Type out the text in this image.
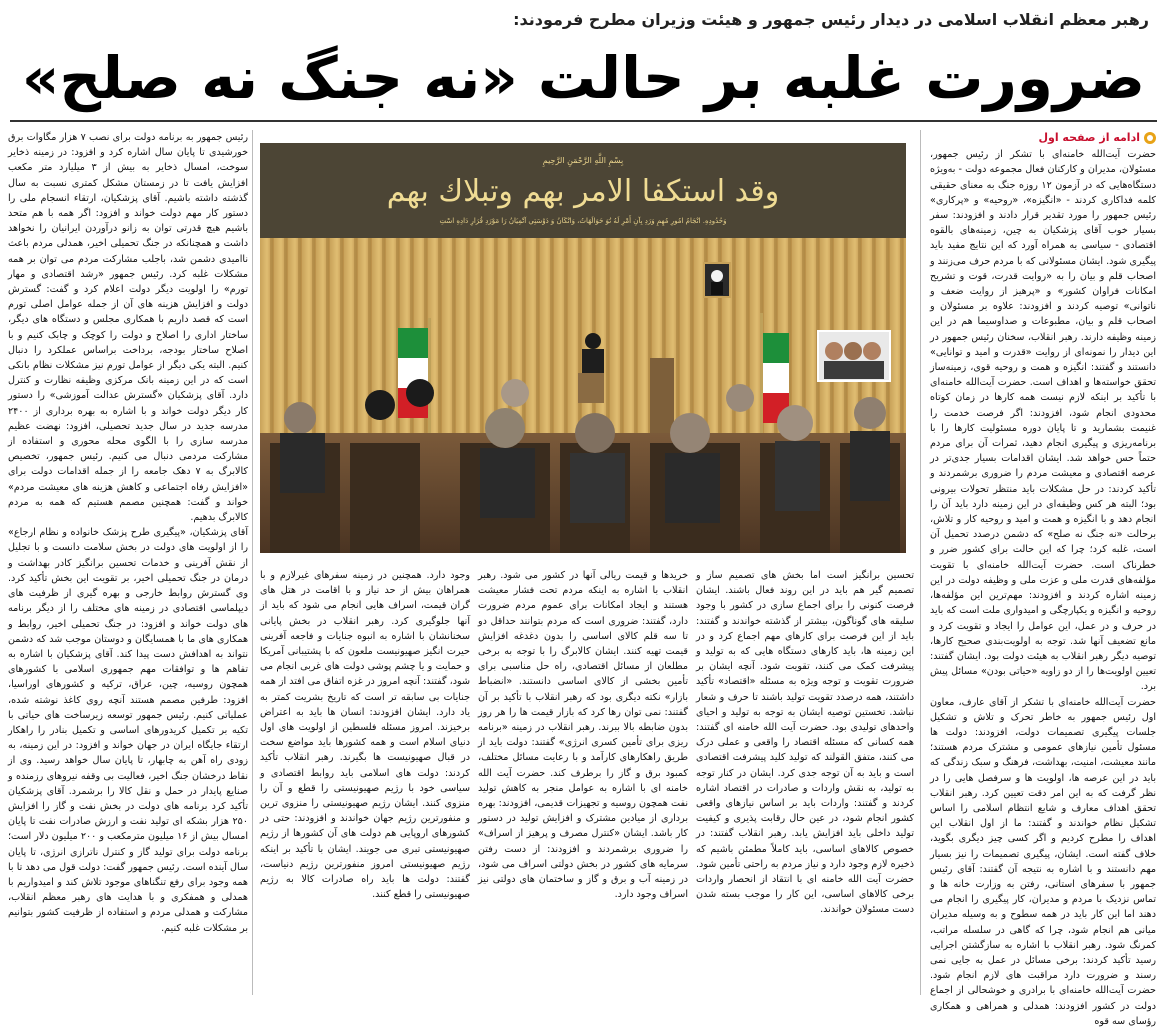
رهبر معظم انقلاب اسلامی در دیدار رئیس جمهور و هیئت وزیران مطرح فرمودند:
ضرورت غلبه بر حالت «نه جنگ نه صلح»
ادامه از صفحه اول

حضرت آیت‌الله خامنه‌ای با تشکر از رئیس جمهور، مسئولان، مدیران و کارکنان فعال مجموعه دولت - به‌ویژه دستگاه‌هایی که در آزمون ۱۲ روزه جنگ به معنای حقیقی کلمه فداکاری کردند - «انگیزه»، «روحیه» و «پرکاری» رئیس جمهور را مورد تقدیر قرار دادند و افزودند: سفر بسیار خوب آقای پزشکیان به چین، زمینه‌های بالقوه اقتصادی - سیاسی به همراه آورد که این نتایج مفید باید پیگیری شود. ایشان مسئولانی که با مردم حرف می‌زنند و اصحاب قلم و بیان را به «روایت قدرت، قوت و تشریح امکانات فراوان کشور» و «پرهیز از روایت ضعف و ناتوانی» توصیه کردند و افزودند: علاوه بر مسئولان و اصحاب قلم و بیان، مطبوعات و صداوسیما هم در این زمینه وظیفه دارند. رهبر انقلاب، سخنان رئیس جمهور در این دیدار را نمونه‌ای از روایت «قدرت و امید و توانایی» دانستند و گفتند: انگیزه و همت و روحیه قوی، زمینه‌ساز تحقق خواسته‌ها و اهداف است. حضرت آیت‌الله خامنه‌ای با تأکید بر اینکه لازم نیست همه کارها در زمان کوتاه محدودی انجام شود، افزودند: اگر فرصت خدمت را غنیمت بشمارید و تا پایان دوره مسئولیت کارها را با برنامه‌ریزی و پیگیری انجام دهید، ثمرات آن برای مردم حتماً حس خواهد شد. ایشان اقدامات بسیار جدی‌تر در عرصه اقتصادی و معیشت مردم را ضروری برشمردند و تأکید کردند: در حل مشکلات باید منتظر تحولات بیرونی بود؛ البته هر کس وظیفه‌ای در این زمینه دارد باید آن را انجام دهد و با انگیزه و همت و امید و روحیه کار و تلاش، برحالت «نه جنگ نه صلح» که دشمن درصدد تحمیل آن است، غلبه کرد؛ چرا که این حالت برای کشور ضرر و خطرناک است. حضرت آیت‌الله خامنه‌ای با تقویت مؤلفه‌های قدرت ملی و عزت ملی و وظیفه دولت در این زمینه اشاره کردند و افزودند: مهم‌ترین این مؤلفه‌ها، روحیه و انگیزه و یکپارچگی و امیدواری ملت است که باید در حرف و در عمل، این عوامل را ایجاد و تقویت کرد و مانع تضعیف آنها شد. توجه به اولویت‌بندی صحیح کارها، توصیه دیگر رهبر انقلاب به هیئت دولت بود. ایشان گفتند: تعیین اولویت‌ها را از دو زاویه «حیاتی بودن» مسائل پیش برد.

حضرت آیت‌الله خامنه‌ای با تشکر از آقای عارف، معاون اول رئیس جمهور به خاطر تحرک و تلاش و تشکیل جلسات پیگیری تصمیمات دولت، افزودند: دولت ها مسئول تأمین نیازهای عمومی و مشترک مردم هستند؛ مانند معیشت، امنیت، بهداشت، فرهنگ و سبک زندگی که باید در این عرصه ها، اولویت ها و سرفصل هایی را در نظر گرفت که به این امر دقت تعیین کرد. رهبر انقلاب تحقق اهداف معارف و شایع انتظام اسلامی را اساس تشکیل نظام خواندند و گفتند: ما از اول انقلاب این اهداف را مطرح کردیم و اگر کسی چیز دیگری بگوید، خلاف گفته است. ایشان، پیگیری تصمیمات را نیز بسیار مهم دانستند و با اشاره به نتیجه آن گفتند: آقای رئیس جمهور با سفرهای استانی، رفتن به وزارت خانه ها و تماس نزدیک با مردم و مدیران، کار پیگیری را انجام می دهند اما این کار باید در همه سطوح و به وسیله مدیران میانی هم انجام شود، چرا که گاهی در سلسله مراتب، کمرنگ شود. رهبر انقلاب با اشاره به سازگشتن اجرایی رسید تأکید کردند: برخی مسائل در عمل به جایی نمی رسند و ضرورت دارد مراقبت های لازم انجام شود. حضرت آیت‌الله خامنه‌ای با برادری و خوشحالی از اجماع دولت در کشور افزودند: همدلی و همراهی و همکاری رؤسای سه قوه

بِسْمِ اللَّهِ الرَّحْمَنِ الرَّحِيمِ
وقد استكفا الامر بهم وتبلاك بهم
وَحُدُودِهِ. انْجَامُ امُورِ مُهِمِ وَرَدِ بِآنِ أَمْرِ لَهُ تُوَ حَوَالَهَاتُ، وَانْكَانُ وَ دَوْسَتِي آتْمِيَانُ رَا مَوْرَدِ قُرَارِ دَادِهِ اسْتِ

رئیس جمهور به برنامه دولت برای نصب ۷ هزار مگاوات برق خورشیدی تا پایان سال اشاره کرد و افزود: در زمینه ذخایر سوخت، امسال ذخایر به بیش از ۳ میلیارد متر مکعب افزایش یافت تا در زمستان مشکل کمتری نسبت به سال گذشته داشته باشیم. آقای پزشکیان، ارتقاء انسجام ملی را دستور کار مهم دولت خواند و افزود: اگر همه با هم متحد باشیم هیچ قدرتی توان به زانو درآوردن ایرانیان را نخواهد داشت و همچنانکه در جنگ تحمیلی اخیر، همدلی مردم باعث ناامیدی دشمن شد، باجلب مشارکت مردم می توان بر همه مشکلات غلبه کرد. رئیس جمهور «رشد اقتصادی و مهار تورم» را اولویت دیگر دولت اعلام کرد و گفت: گسترش دولت و افزایش هزینه های آن از جمله عوامل اصلی تورم است که قصد داریم با همکاری مجلس و دستگاه های دیگر، ساختار اداری را اصلاح و دولت را کوچک و چابک کنیم و با اصلاح ساختار بودجه، برداخت براساس عملکرد را دنبال کنیم. البته یکی دیگر از عوامل تورم نیز مشکلات نظام بانکی است که در این زمینه بانک مرکزی وظیفه نظارت و کنترل دارد. آقای پزشکیان «گسترش عدالت آموزشی» را دستور کار دیگر دولت خواند و با اشاره به بهره برداری از ۲۴۰۰ مدرسه جدید در سال جدید تحصیلی، افزود: نهضت عظیم مدرسه سازی را با الگوی محله محوری و استفاده از مشارکت مردمی دنبال می کنیم. رئیس جمهور، تخصیص کالابرگ به ۷ دهک جامعه را از جمله اقدامات دولت برای «افزایش رفاه اجتماعی و کاهش هزینه های معیشت مردم» خواند و گفت: همچنین مصمم هستیم که همه به مردم کالابرگ بدهیم.

آقای پزشکیان، «پیگیری طرح پزشک خانواده و نظام ارجاع» را از اولویت های دولت در بخش سلامت دانست و با تجلیل از نقش آفرینی و خدمات تحسین برانگیز کادر بهداشت و درمان در جنگ تحمیلی اخیر، بر تقویت این بخش تأکید کرد. وی گسترش روابط خارجی و بهره گیری از ظرفیت های دیپلماسی اقتصادی در زمینه های مختلف را از دیگر برنامه های دولت خواند و افزود: در جنگ تحمیلی اخیر، روابط و همکاری های ما با همسایگان و دوستان موجب شد که دشمن نتواند به اهدافش دست پیدا کند. آقای پزشکیان با اشاره به تفاهم ها و توافقات مهم جمهوری اسلامی با کشورهای همچون روسیه، چین، عراق، ترکیه و کشورهای اوراسیا، افزود: طرفین مصمم هستند آنچه روی کاغذ نوشته شده، عملیاتی کنیم. رئیس جمهور توسعه زیرساخت های حیاتی با تکیه بر تکمیل کریدورهای اساسی و تکمیل بنادر را راهکار ارتقاء جایگاه ایران در جهان خواند و افزود: در این زمینه، به زودی راه آهن به چابهار، تا پایان سال خواهد رسید. وی از نقاط درخشان جنگ اخیر، فعالیت بی وقفه نیروهای رزمنده و صنایع پایدار در حمل و نقل کالا را برشمرد. آقای پزشکیان تأکید کرد برنامه های دولت در بخش نفت و گاز را افزایش ۲۵۰ هزار بشکه ای تولید نفت و ارزش صادرات نفت تا پایان امسال بیش از ۱۶ میلیون مترمکعب و ۲۰۰ میلیون دلار است؛ برنامه دولت برای تولید گاز و کنترل ناترازی انرژی، تا پایان سال آینده است. رئیس جمهور گفت: دولت قول می دهد تا با همه وجود برای رفع تنگناهای موجود تلاش کند و امیدواریم با همدلی و همفکری و با هدایت های رهبر معظم انقلاب، مشارکت و همدلی مردم و استفاده از ظرفیت کشور بتوانیم بر مشکلات غلبه کنیم.

تحسین برانگیز است اما بخش های تصمیم ساز و تصمیم گیر هم باید در این روند فعال باشند. ایشان فرصت کنونی را برای اجماع سازی در کشور با وجود سلیقه های گوناگون، بیشتر از گذشته خواندند و گفتند: باید از این فرصت برای کارهای مهم اجماع کرد و در این زمینه ها، باید کارهای دستگاه هایی که به تولید و پیشرفت کمک می کنند، تقویت شود. آنچه ایشان بر ضرورت تقویت و توجه ویژه به مسئله «اقتصاد» تأکید داشتند، همه درصدد تقویت تولید باشند تا حرف و شعار نباشد. تخستین توصیه ایشان به توجه به تولید و احیای واحدهای تولیدی بود. حضرت آیت الله خامنه ای گفتند: همه کسانی که مسئله اقتصاد را واقعی و عملی درک می کنند، متفق القولند که تولید کلید پیشرفت اقتصادی است و باید به آن توجه جدی کرد. ایشان در کنار توجه به تولید، به نقش واردات و صادرات در اقتصاد اشاره کردند و گفتند: واردات باید بر اساس نیازهای واقعی کشور انجام شود، در عین حال رقابت پذیری و کیفیت تولید داخلی باید افزایش یابد. رهبر انقلاب گفتند: در خصوص کالاهای اساسی، باید کاملاً مطمئن باشیم که ذخیره لازم وجود دارد و نیاز مردم به راحتی تأمین شود. حضرت آیت الله خامنه ای با انتقاد از انحصار واردات برخی کالاهای اساسی، این کار را موجب بسته شدن دست مسئولان خواندند.

خریدها و قیمت ریالی آنها در کشور می شود. رهبر انقلاب با اشاره به اینکه مردم تحت فشار معیشت هستند و ایجاد امکانات برای عموم مردم ضرورت دارد، گفتند: ضروری است که مردم بتوانند حداقل دو تا سه قلم کالای اساسی را بدون دغدغه افزایش قیمت تهیه کنند. ایشان کالابرگ را با توجه به برخی مطلعان از مسائل اقتصادی، راه حل مناسبی برای تأمین بخشی از کالای اساسی دانستند. «انضباط بازار» نکته دیگری بود که رهبر انقلاب با تأکید بر آن گفتند: نمی توان رها کرد که بازار قیمت ها را هر روز بدون ضابطه بالا ببرند. رهبر انقلاب در زمینه «برنامه ریزی برای تأمین کسری انرژی» گفتند: دولت باید از طریق راهکارهای کارآمد و با رعایت مسائل مختلف، کمبود برق و گاز را برطرف کند. حضرت آیت الله خامنه ای با اشاره به عوامل منجر به کاهش تولید نفت همچون روسیه و تجهیزات قدیمی، افزودند: بهره برداری از میادین مشترک و افزایش تولید در دستور کار باشد. ایشان «کنترل مصرف و پرهیز از اسراف» را ضروری برشمردند و افزودند: از دست رفتن سرمایه های کشور در بخش دولتی اسراف می شود، در زمینه آب و برق و گاز و ساختمان های دولتی نیز اسراف وجود دارد.

وجود دارد. همچنین در زمینه سفرهای غیرلازم و با همراهان بیش از حد نیاز و با اقامت در هتل های گران قیمت، اسراف هایی انجام می شود که باید از آنها جلوگیری کرد. رهبر انقلاب در بخش پایانی سخنانشان با اشاره به انبوه جنایات و فاجعه آفرینی حیرت انگیز صهیونیست ملعون که با پشتیبانی آمریکا و حمایت و یا چشم پوشی دولت های غربی انجام می شود، گفتند: آنچه امروز در غزه اتفاق می افتد از همه جنایات بی سابقه تر است که تاریخ بشریت کمتر به یاد دارد. ایشان افزودند: انسان ها باید به اعتراض برخیزند. امروز مسئله فلسطین از اولویت های اول دنیای اسلام است و همه کشورها باید مواضع سخت در قبال صهیونیست ها بگیرند. رهبر انقلاب تأکید کردند: دولت های اسلامی باید روابط اقتصادی و سیاسی خود با رژیم صهیونیستی را قطع و آن را منزوی کنند. ایشان رژیم صهیونیستی را منزوی ترین و منفورترین رژیم جهان خواندند و افزودند: حتی در کشورهای اروپایی هم دولت های آن کشورها از رژیم صهیونیستی تبری می جویند. ایشان با تأکید بر اینکه رژیم صهیونیستی امروز منفورترین رژیم دنیاست، گفتند: دولت ها باید راه صادرات کالا به رژیم صهیونیستی را قطع کنند.
